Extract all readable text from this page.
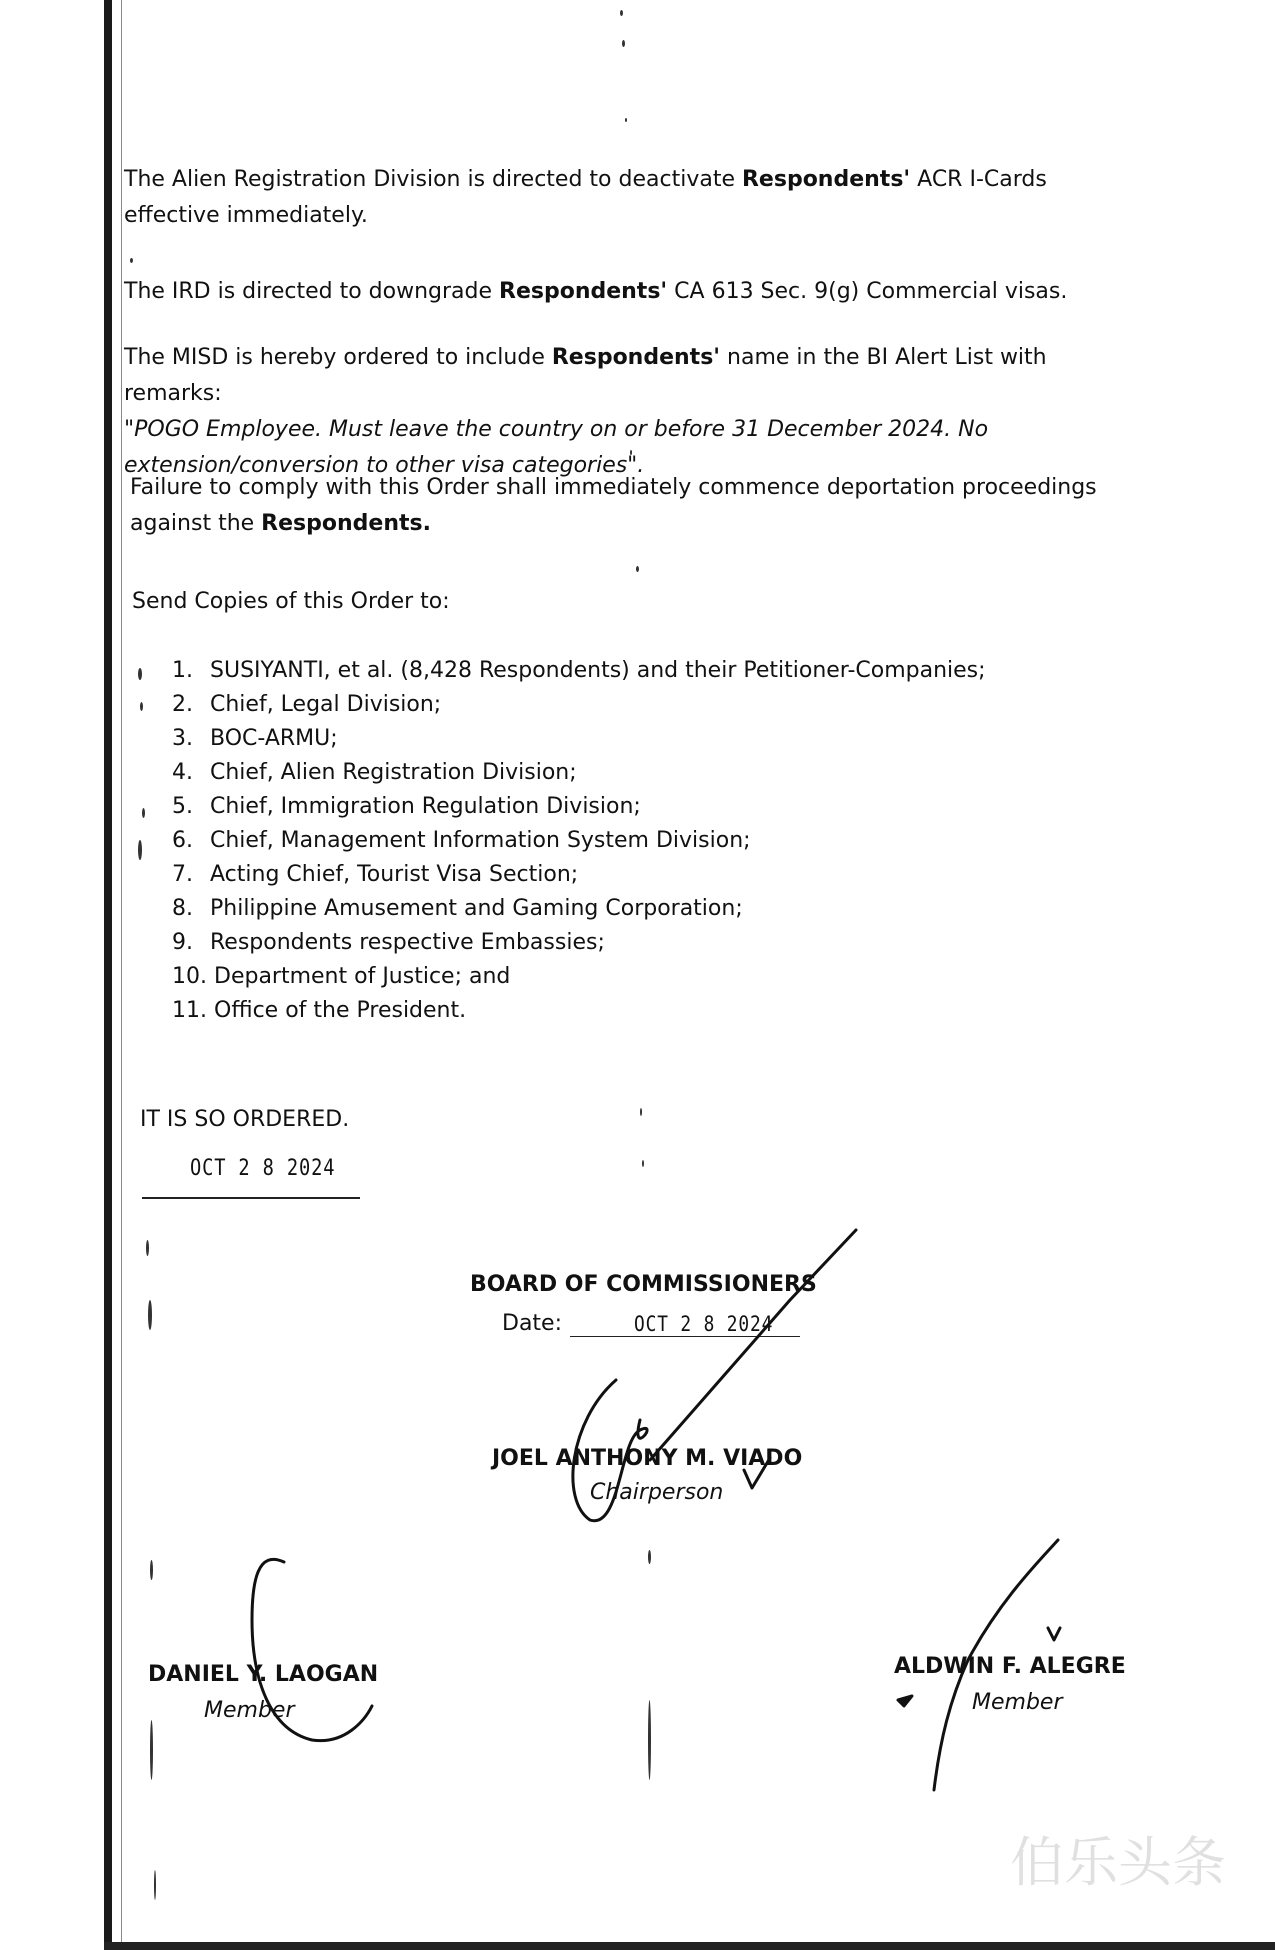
The Alien Registration Division is directed to deactivate Respondents' ACR I-Cards effective immediately.

The IRD is directed to downgrade Respondents' CA 613 Sec. 9(g) Commercial visas.

The MISD is hereby ordered to include Respondents' name in the BI Alert List with remarks:
"POGO Employee. Must leave the country on or before 31 December 2024. No extension/conversion to other visa categories".

Failure to comply with this Order shall immediately commence deportation proceedings against the Respondents.

Send Copies of this Order to:

1. SUSIYANTI, et al. (8,428 Respondents) and their Petitioner-Companies;
2. Chief, Legal Division;
3. BOC-ARMU;
4. Chief, Alien Registration Division;
5. Chief, Immigration Regulation Division;
6. Chief, Management Information System Division;
7. Acting Chief, Tourist Visa Section;
8. Philippine Amusement and Gaming Corporation;
9. Respondents respective Embassies;
10. Department of Justice; and
11. Office of the President.

IT IS SO ORDERED.

OCT 2 8 2024
BOARD OF COMMISSIONERS
Date:	OCT 2 8 2024
JOEL ANTHONY M. VIADO
Chairperson
DANIEL Y. LAOGAN
Member
ALDWIN F. ALEGRE
Member
伯乐头条
